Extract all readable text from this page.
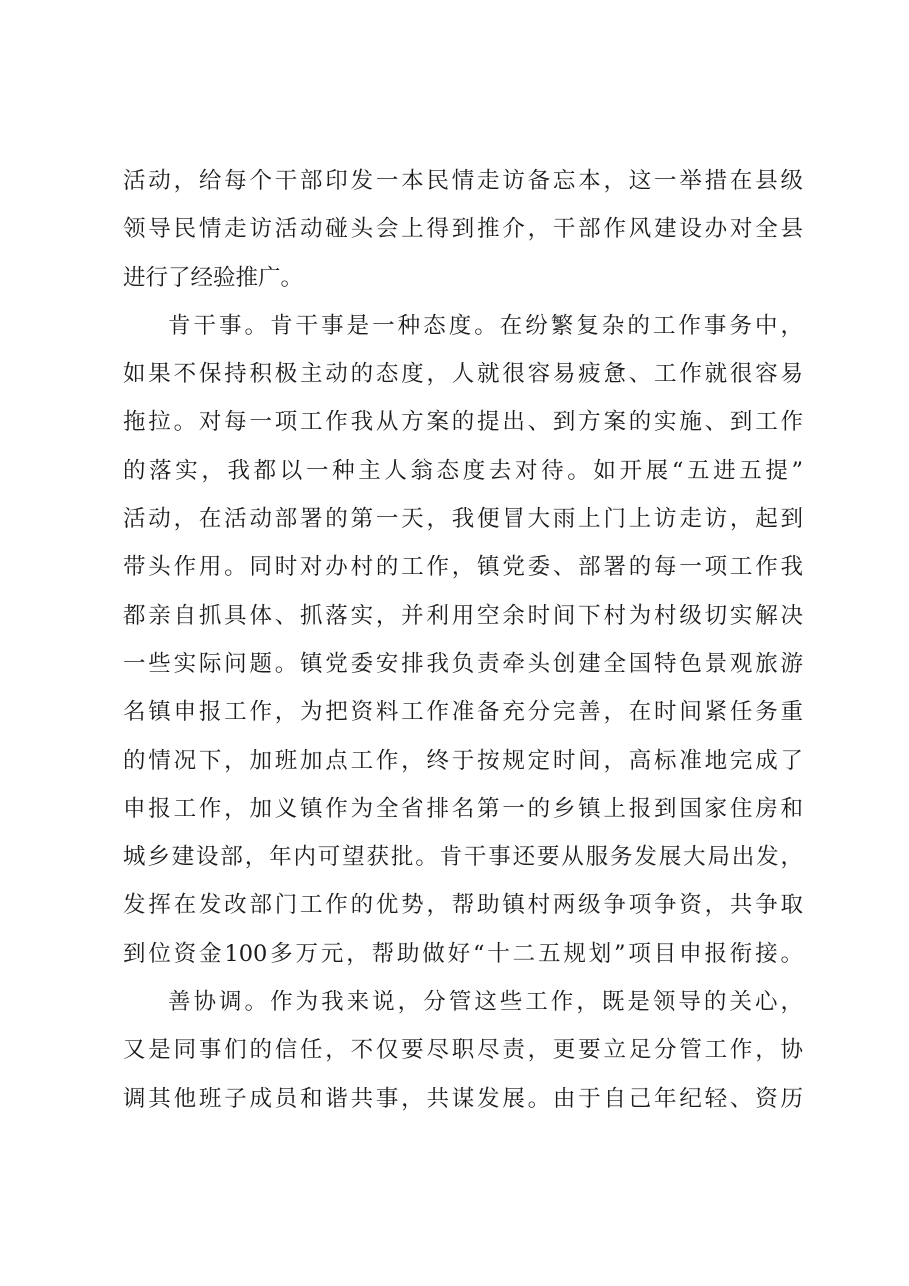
活动，给每个干部印发一本民情走访备忘本，这一举措在县级
领导民情走访活动碰头会上得到推介，干部作风建设办对全县
进行了经验推广。
肯干事。肯干事是一种态度。在纷繁复杂的工作事务中，
如果不保持积极主动的态度，人就很容易疲惫、工作就很容易
拖拉。对每一项工作我从方案的提出、到方案的实施、到工作
的落实，我都以一种主人翁态度去对待。如开展“五进五提”
活动，在活动部署的第一天，我便冒大雨上门上访走访，起到
带头作用。同时对办村的工作，镇党委、部署的每一项工作我
都亲自抓具体、抓落实，并利用空余时间下村为村级切实解决
一些实际问题。镇党委安排我负责牵头创建全国特色景观旅游
名镇申报工作，为把资料工作准备充分完善，在时间紧任务重
的情况下，加班加点工作，终于按规定时间，高标准地完成了
申报工作，加义镇作为全省排名第一的乡镇上报到国家住房和
城乡建设部，年内可望获批。肯干事还要从服务发展大局出发，
发挥在发改部门工作的优势，帮助镇村两级争项争资，共争取
到位资金100多万元，帮助做好“十二五规划”项目申报衔接。
善协调。作为我来说，分管这些工作，既是领导的关心，
又是同事们的信任，不仅要尽职尽责，更要立足分管工作，协
调其他班子成员和谐共事，共谋发展。由于自己年纪轻、资历
